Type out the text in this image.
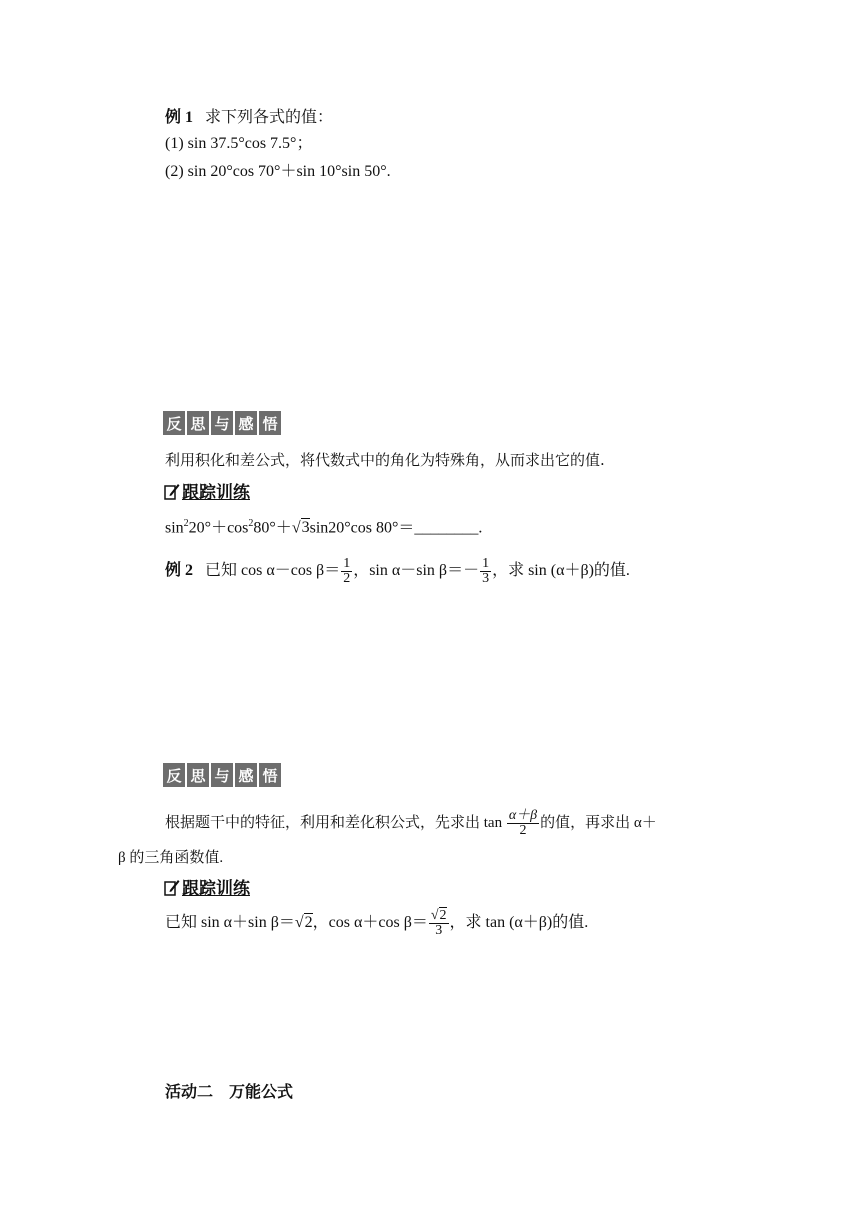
例 1 求下列各式的值：
(1) sin 37.5°cos 7.5°；
(2) sin 20°cos 70°＋sin 10°sin 50°.
反 思 与 感 悟
利用积化和差公式，将代数式中的角化为特殊角，从而求出它的值.
跟踪训练
$\sin^220^\circ+\cos^280^\circ+√3\sin 20^\circ\cos$ 80°＝________.
例 2 已知 cos α－cos $\beta= \frac{1}{2}$ ，sin α－sin $\beta=- \frac{1}{3}$ ，求 sin (α＋β)的值.
反 思 与 感 悟
根据题干中的特征，利用和差化积公式，先求出 $\tan \frac{\alpha+\beta}{2}$ 的值，再求出 α＋
β 的三角函数值.
跟踪训练
已知 sin α＋sin β＝√2，cos α＋cos $\beta= \frac{√2}{3}$ ，求 tan (α＋β)的值.
活动二　万能公式
